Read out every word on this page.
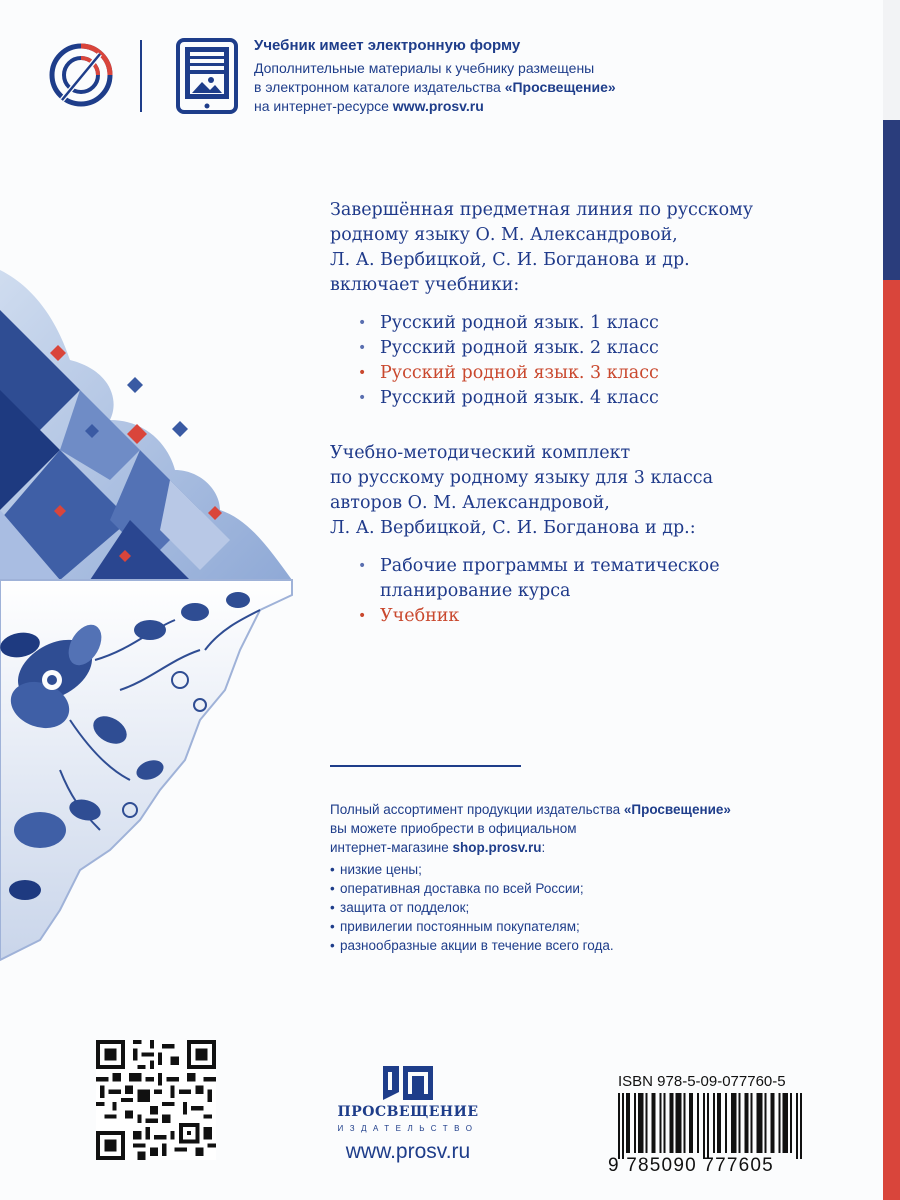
Учебник имеет электронную форму
Дополнительные материалы к учебнику размещены
в электронном каталоге издательства «Просвещение»
на интернет-ресурсе www.prosv.ru
Завершённая предметная линия по русскому
родному языку О. М. Александровой,
Л. А. Вербицкой, С. И. Богданова и др.
включает учебники:
• Русский родной язык. 1 класс
• Русский родной язык. 2 класс
• Русский родной язык. 3 класс
• Русский родной язык. 4 класс
Учебно-методический комплект
по русскому родному языку для 3 класса
авторов О. М. Александровой,
Л. А. Вербицкой, С. И. Богданова и др.:
• Рабочие программы и тематическое
планирование курса
• Учебник
Полный ассортимент продукции издательства «Просвещение»
вы можете приобрести в официальном
интернет-магазине shop.prosv.ru:
• низкие цены;
• оперативная доставка по всей России;
• защита от подделок;
• привилегии постоянным покупателям;
• разнообразные акции в течение всего года.
ПРОСВЕЩЕНИЕ
ИЗДАТЕЛЬСТВО
www.prosv.ru
ISBN 978-5-09-077760-5
9 785090 777605
